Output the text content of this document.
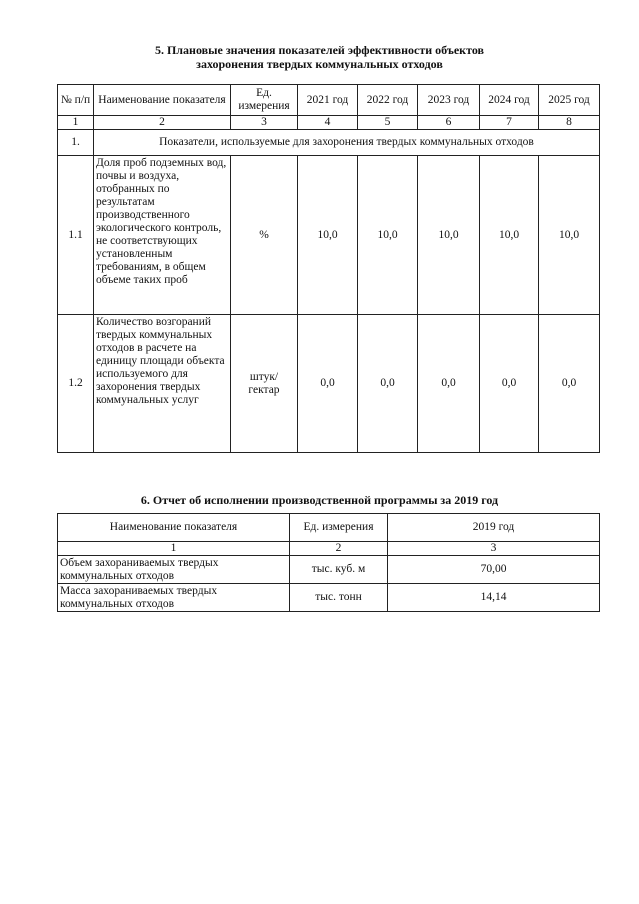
5. Плановые значения показателей эффективности объектов
захоронения твердых коммунальных отходов
№ п/п	Наименование показателя	Ед. измерения	2021 год	2022 год	2023 год	2024 год	2025 год
1	2	3	4	5	6	7	8
1.	Показатели, используемые для захоронения твердых коммунальных отходов						
1.1	Доля проб подземных вод, почвы и воздуха, отобранных по результатам производственного экологического контроль, не соответствующих установленным требованиям, в общем объеме таких проб	%	10,0	10,0	10,0	10,0	10,0
1.2	Количество возгораний твердых коммунальных отходов в расчете на единицу площади объекта используемого для захоронения твердых коммунальных услуг	штук/ гектар	0,0	0,0	0,0	0,0	0,0
6. Отчет об исполнении производственной программы за 2019 год
Наименование показателя	Ед. измерения	2019 год
1	2	3
Объем захораниваемых твердых коммунальных отходов	тыс. куб. м	70,00
Масса захораниваемых твердых коммунальных отходов	тыс. тонн	14,14
